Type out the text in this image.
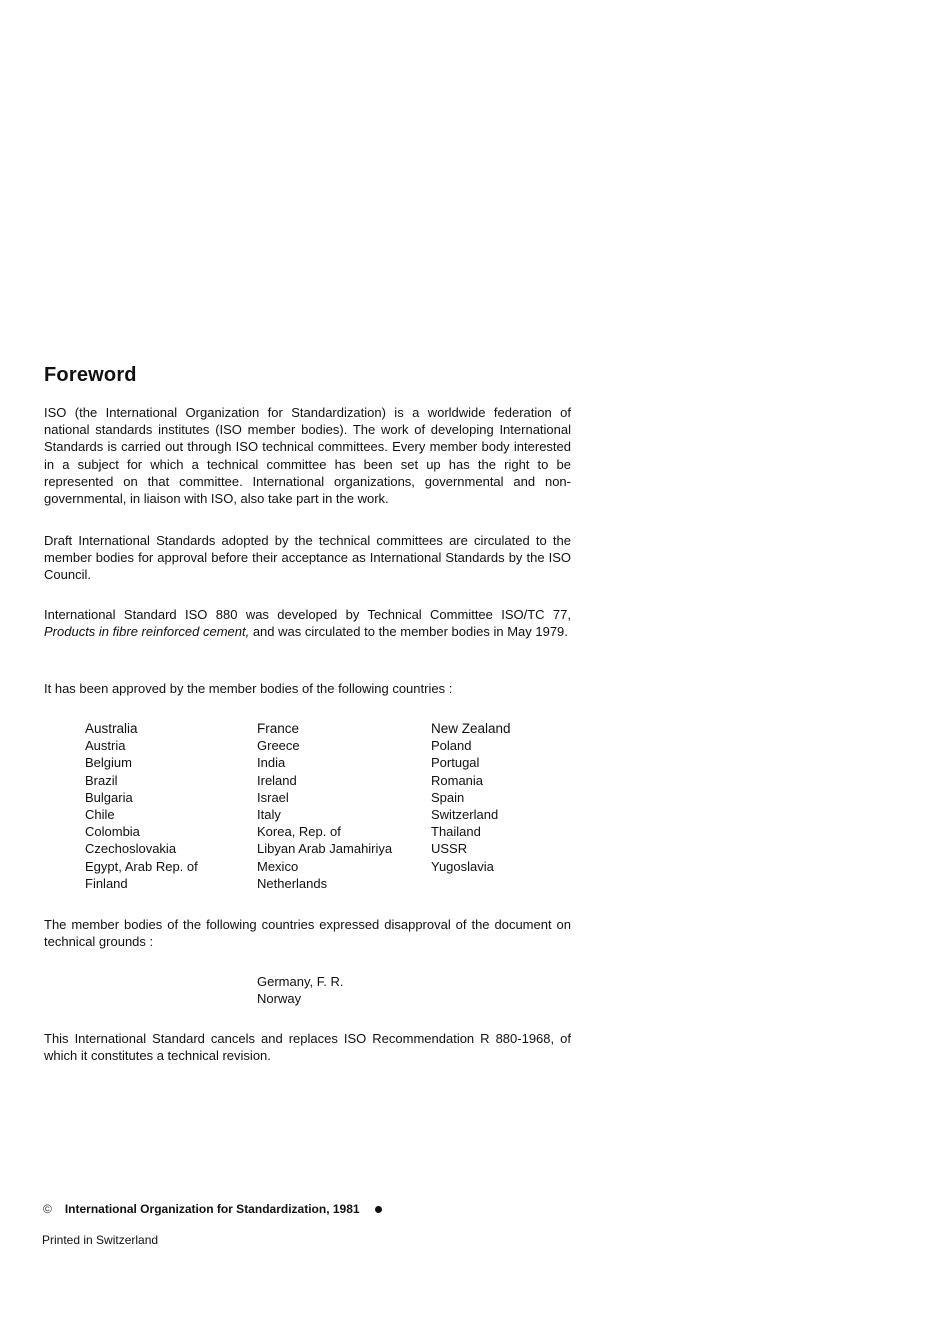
Foreword
ISO (the International Organization for Standardization) is a worldwide federation of national standards institutes (ISO member bodies). The work of developing International Standards is carried out through ISO technical committees. Every member body interested in a subject for which a technical committee has been set up has the right to be represented on that committee. International organizations, governmental and non-governmental, in liaison with ISO, also take part in the work.
Draft International Standards adopted by the technical committees are circulated to the member bodies for approval before their acceptance as International Standards by the ISO Council.
International Standard ISO 880 was developed by Technical Committee ISO/TC 77, Products in fibre reinforced cement, and was circulated to the member bodies in May 1979.
It has been approved by the member bodies of the following countries :
Australia
Austria
Belgium
Brazil
Bulgaria
Chile
Colombia
Czechoslovakia
Egypt, Arab Rep. of
Finland
France
Greece
India
Ireland
Israel
Italy
Korea, Rep. of
Libyan Arab Jamahiriya
Mexico
Netherlands
New Zealand
Poland
Portugal
Romania
Spain
Switzerland
Thailand
USSR
Yugoslavia
The member bodies of the following countries expressed disapproval of the document on technical grounds :
Germany, F. R.
Norway
This International Standard cancels and replaces ISO Recommendation R 880-1968, of which it constitutes a technical revision.
© International Organization for Standardization, 1981
Printed in Switzerland
